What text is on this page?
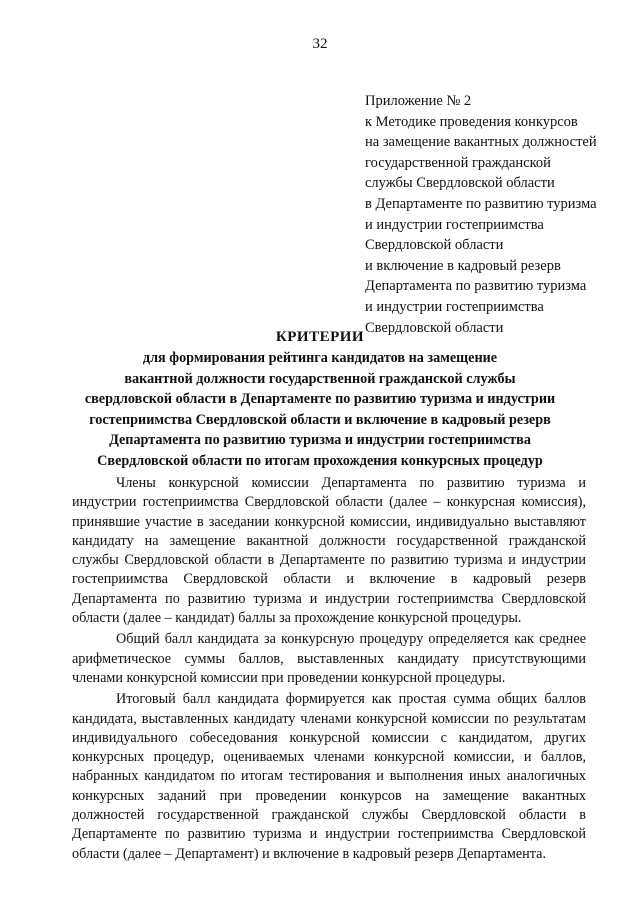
32
Приложение № 2
к Методике проведения конкурсов
на замещение вакантных должностей
государственной гражданской
службы Свердловской области
в Департаменте по развитию туризма
и индустрии гостеприимства
Свердловской области
и включение в кадровый резерв
Департамента по развитию туризма
и индустрии гостеприимства
Свердловской области
КРИТЕРИИ
для формирования рейтинга кандидатов на замещение
вакантной должности государственной гражданской службы
свердловской области в Департаменте по развитию туризма и индустрии
гостеприимства Свердловской области и включение в кадровый резерв
Департамента по развитию туризма и индустрии гостеприимства
Свердловской области по итогам прохождения конкурсных процедур

Члены конкурсной комиссии Департамента по развитию туризма и индустрии гостеприимства Свердловской области (далее – конкурсная комиссия), принявшие участие в заседании конкурсной комиссии, индивидуально выставляют кандидату на замещение вакантной должности государственной гражданской службы Свердловской области в Департаменте по развитию туризма и индустрии гостеприимства Свердловской области и включение в кадровый резерв Департамента по развитию туризма и индустрии гостеприимства Свердловской области (далее – кандидат) баллы за прохождение конкурсной процедуры.

Общий балл кандидата за конкурсную процедуру определяется как среднее арифметическое суммы баллов, выставленных кандидату присутствующими членами конкурсной комиссии при проведении конкурсной процедуры.

Итоговый балл кандидата формируется как простая сумма общих баллов кандидата, выставленных кандидату членами конкурсной комиссии по результатам индивидуального собеседования конкурсной комиссии с кандидатом, других конкурсных процедур, оцениваемых членами конкурсной комиссии, и баллов, набранных кандидатом по итогам тестирования и выполнения иных аналогичных конкурсных заданий при проведении конкурсов на замещение вакантных должностей государственной гражданской службы Свердловской области в Департаменте по развитию туризма и индустрии гостеприимства Свердловской области (далее – Департамент) и включение в кадровый резерв Департамента.
